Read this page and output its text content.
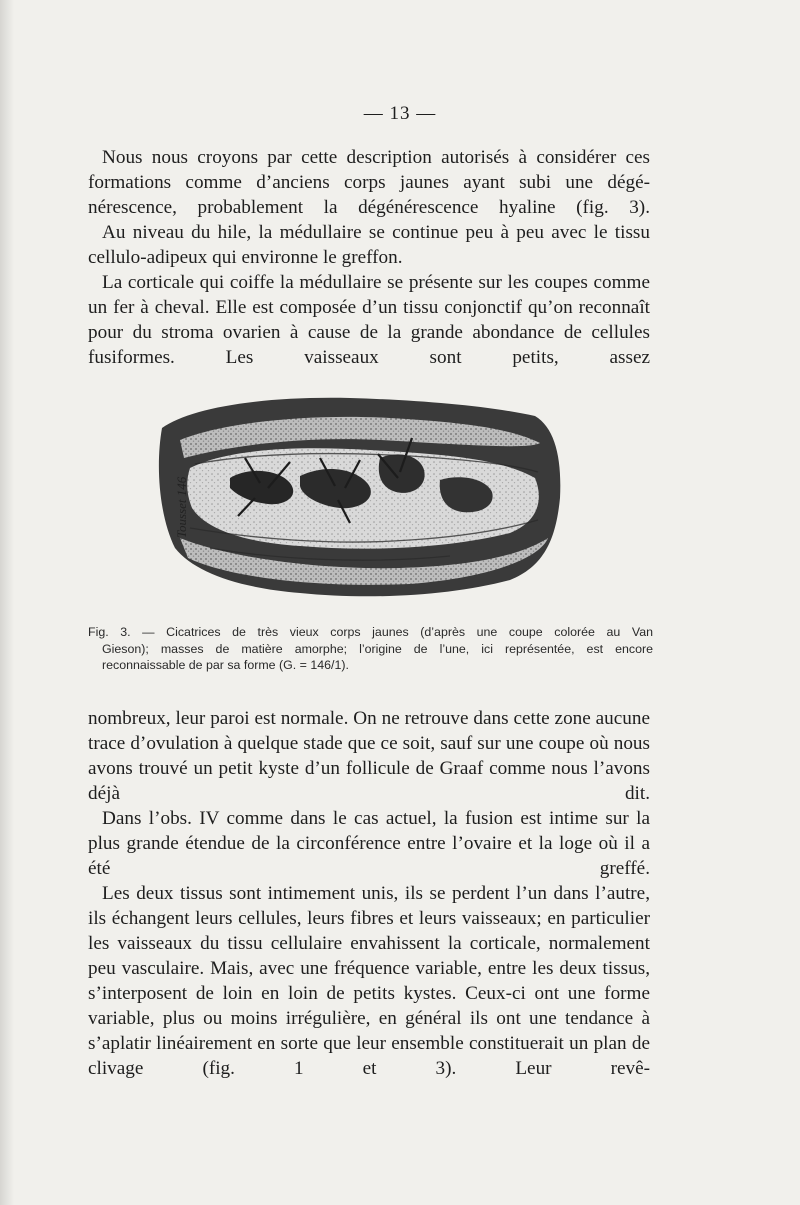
— 13 —

Nous nous croyons par cette description autorisés à considérer ces formations comme d’anciens corps jaunes ayant subi une dégénérescence, probablement la dégénérescence hyaline (fig. 3).

Au niveau du hile, la médullaire se continue peu à peu avec le tissu cellulo-adipeux qui environne le greffon.

La corticale qui coiffe la médullaire se présente sur les coupes comme un fer à cheval. Elle est composée d’un tissu conjonctif qu’on reconnaît pour du stroma ovarien à cause de la grande abondance de cellules fusiformes. Les vaisseaux sont petits, assez

Tousset 146
Fig. 3. — Cicatrices de très vieux corps jaunes (d’après une coupe colorée au Van
Gieson); masses de matière amorphe; l’origine de l’une, ici représentée, est encore
reconnaissable de par sa forme (G. = 146/1).

nombreux, leur paroi est normale. On ne retrouve dans cette zone aucune trace d’ovulation à quelque stade que ce soit, sauf sur une coupe où nous avons trouvé un petit kyste d’un follicule de Graaf comme nous l’avons déjà dit.

Dans l’obs. IV comme dans le cas actuel, la fusion est intime sur la plus grande étendue de la circonférence entre l’ovaire et la loge où il a été greffé.

Les deux tissus sont intimement unis, ils se perdent l’un dans l’autre, ils échangent leurs cellules, leurs fibres et leurs vaisseaux; en particulier les vaisseaux du tissu cellulaire envahissent la corticale, normalement peu vasculaire. Mais, avec une fréquence variable, entre les deux tissus, s’interposent de loin en loin de petits kystes. Ceux-ci ont une forme variable, plus ou moins irrégulière, en général ils ont une tendance à s’aplatir linéairement en sorte que leur ensemble constituerait un plan de clivage (fig. 1 et 3). Leur revê-
